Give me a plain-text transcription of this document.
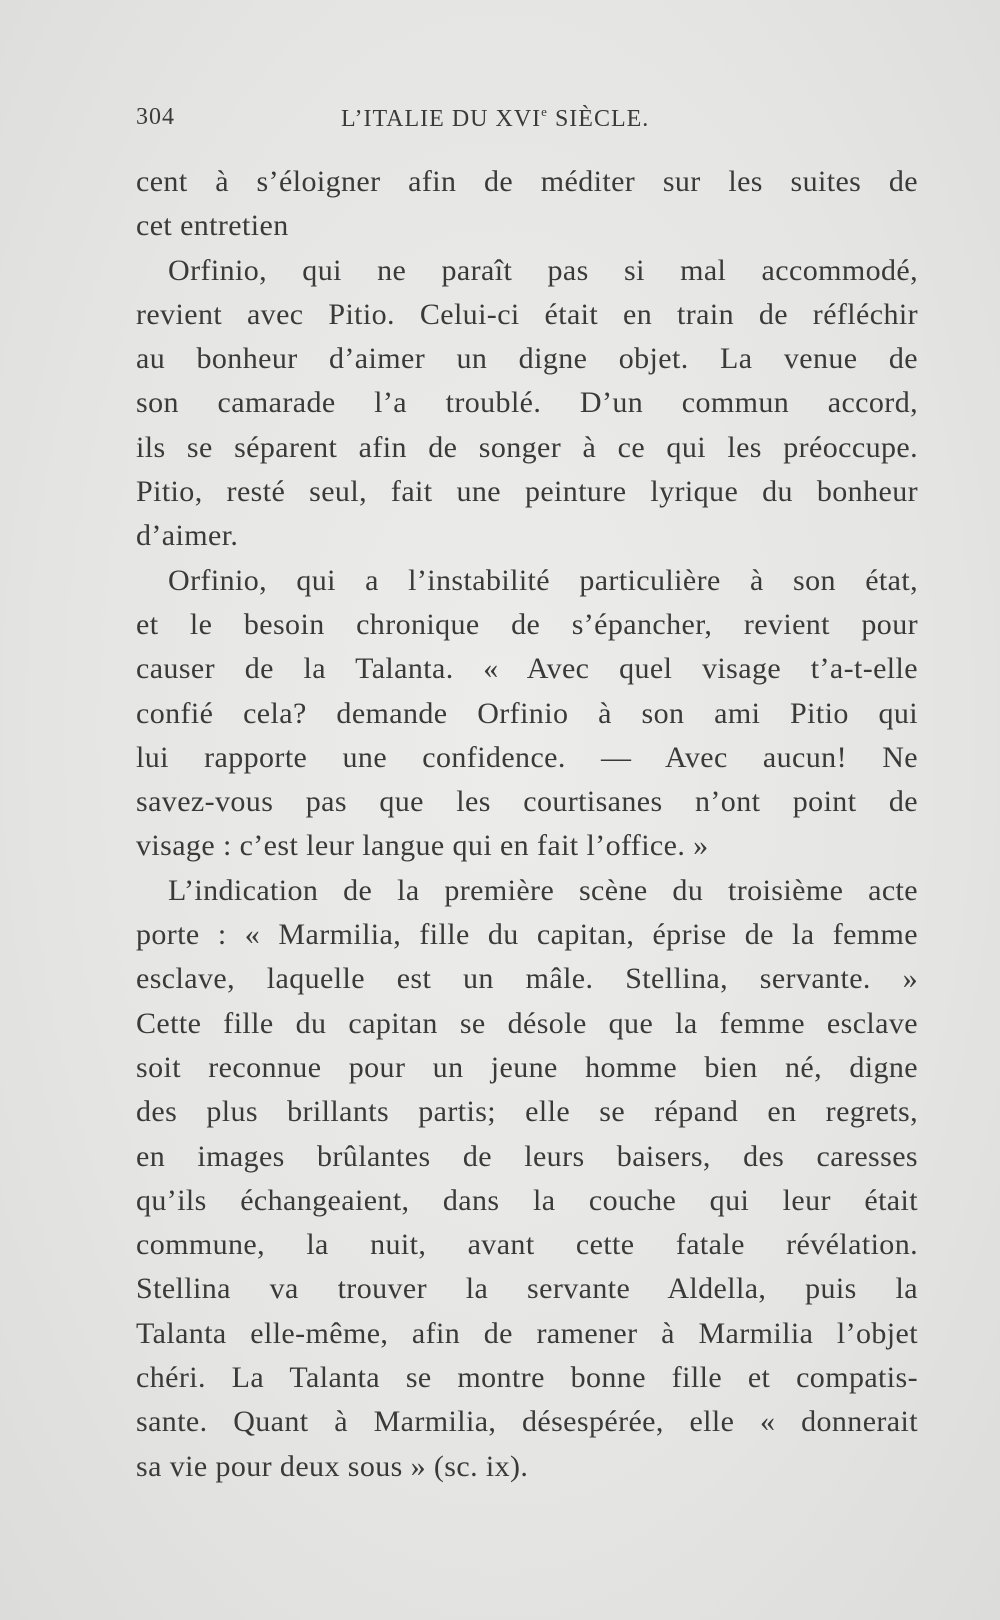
304	L’ITALIE DU XVIe SIÈCLE.
cent à s’éloigner afin de méditer sur les suites de
cet entretien
Orfinio, qui ne paraît pas si mal accommodé,
revient avec Pitio. Celui-ci était en train de réfléchir
au bonheur d’aimer un digne objet. La venue de
son camarade l’a troublé. D’un commun accord,
ils se séparent afin de songer à ce qui les préoccupe.
Pitio, resté seul, fait une peinture lyrique du bonheur
d’aimer.
Orfinio, qui a l’instabilité particulière à son état,
et le besoin chronique de s’épancher, revient pour
causer de la Talanta. « Avec quel visage t’a-t-elle
confié cela? demande Orfinio à son ami Pitio qui
lui rapporte une confidence. — Avec aucun! Ne
savez-vous pas que les courtisanes n’ont point de
visage : c’est leur langue qui en fait l’office. »
L’indication de la première scène du troisième acte
porte : « Marmilia, fille du capitan, éprise de la femme
esclave, laquelle est un mâle. Stellina, servante. »
Cette fille du capitan se désole que la femme esclave
soit reconnue pour un jeune homme bien né, digne
des plus brillants partis; elle se répand en regrets,
en images brûlantes de leurs baisers, des caresses
qu’ils échangeaient, dans la couche qui leur était
commune, la nuit, avant cette fatale révélation.
Stellina va trouver la servante Aldella, puis la
Talanta elle-même, afin de ramener à Marmilia l’objet
chéri. La Talanta se montre bonne fille et compatis-
sante. Quant à Marmilia, désespérée, elle « donnerait
sa vie pour deux sous » (sc. ix).
